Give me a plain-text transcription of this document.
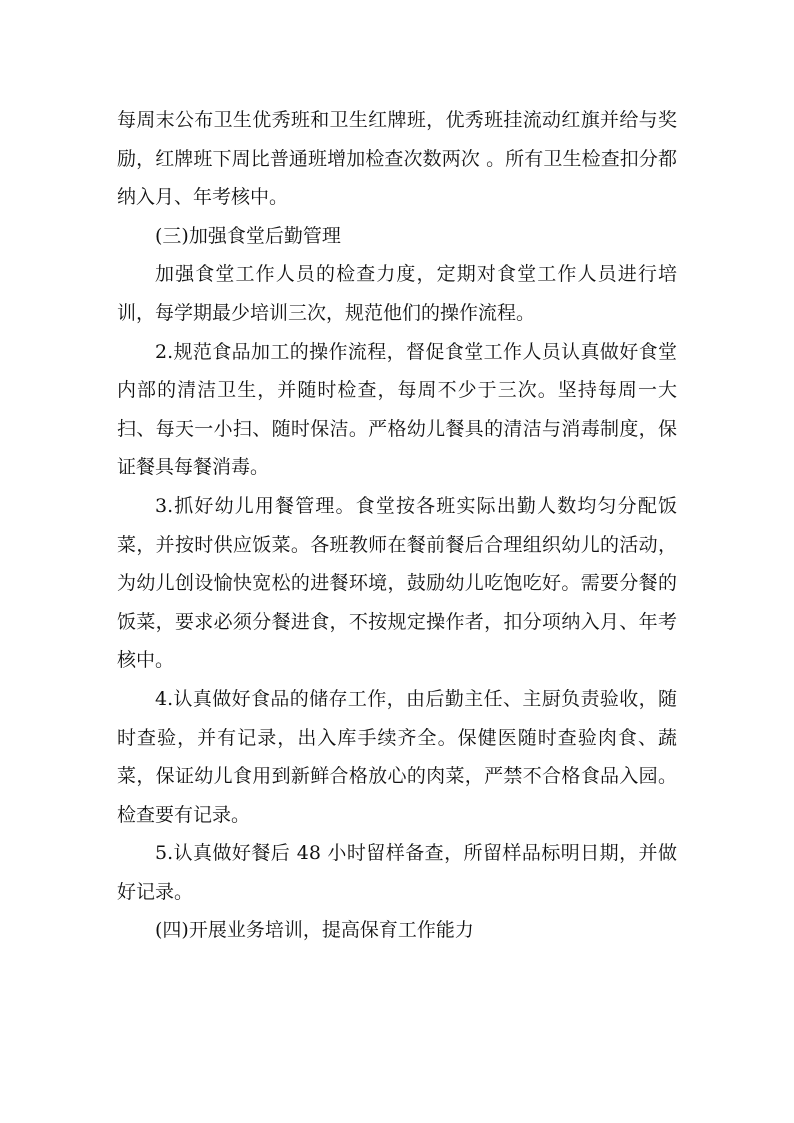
每周末公布卫生优秀班和卫生红牌班，优秀班挂流动红旗并给与奖励，红牌班下周比普通班增加检查次数两次 。所有卫生检查扣分都纳入月、年考核中。

(三)加强食堂后勤管理

加强食堂工作人员的检查力度，定期对食堂工作人员进行培训，每学期最少培训三次，规范他们的操作流程。

2.规范食品加工的操作流程，督促食堂工作人员认真做好食堂内部的清洁卫生，并随时检查，每周不少于三次。坚持每周一大扫、每天一小扫、随时保洁。严格幼儿餐具的清洁与消毒制度，保证餐具每餐消毒。

3.抓好幼儿用餐管理。食堂按各班实际出勤人数均匀分配饭菜，并按时供应饭菜。各班教师在餐前餐后合理组织幼儿的活动，为幼儿创设愉快宽松的进餐环境，鼓励幼儿吃饱吃好。需要分餐的饭菜，要求必须分餐进食，不按规定操作者，扣分项纳入月、年考核中。

4.认真做好食品的储存工作，由后勤主任、主厨负责验收，随时查验，并有记录，出入库手续齐全。保健医随时查验肉食、蔬菜，保证幼儿食用到新鲜合格放心的肉菜，严禁不合格食品入园。检查要有记录。

5.认真做好餐后 48 小时留样备查，所留样品标明日期，并做好记录。

(四)开展业务培训，提高保育工作能力
